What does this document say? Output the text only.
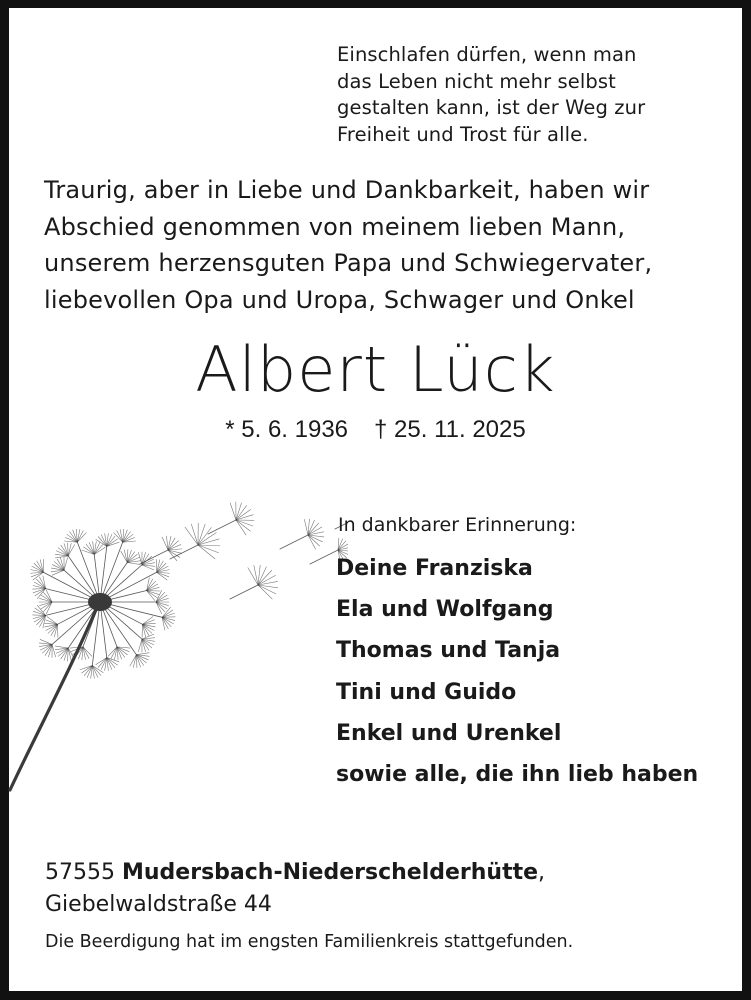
Einschlafen dürfen, wenn man
das Leben nicht mehr selbst
gestalten kann, ist der Weg zur
Freiheit und Trost für alle.
Traurig, aber in Liebe und Dankbarkeit, haben wir
Abschied genommen von meinem lieben Mann,
unserem herzensguten Papa und Schwiegervater,
liebevollen Opa und Uropa, Schwager und Onkel
Albert Lück
* 5. 6. 1936 † 25. 11. 2025
In dankbarer Erinnerung:
Deine Franziska
Ela und Wolfgang
Thomas und Tanja
Tini und Guido
Enkel und Urenkel
sowie alle, die ihn lieb haben
57555 Mudersbach-Niederschelderhütte,
Giebelwaldstraße 44
Die Beerdigung hat im engsten Familienkreis stattgefunden.
